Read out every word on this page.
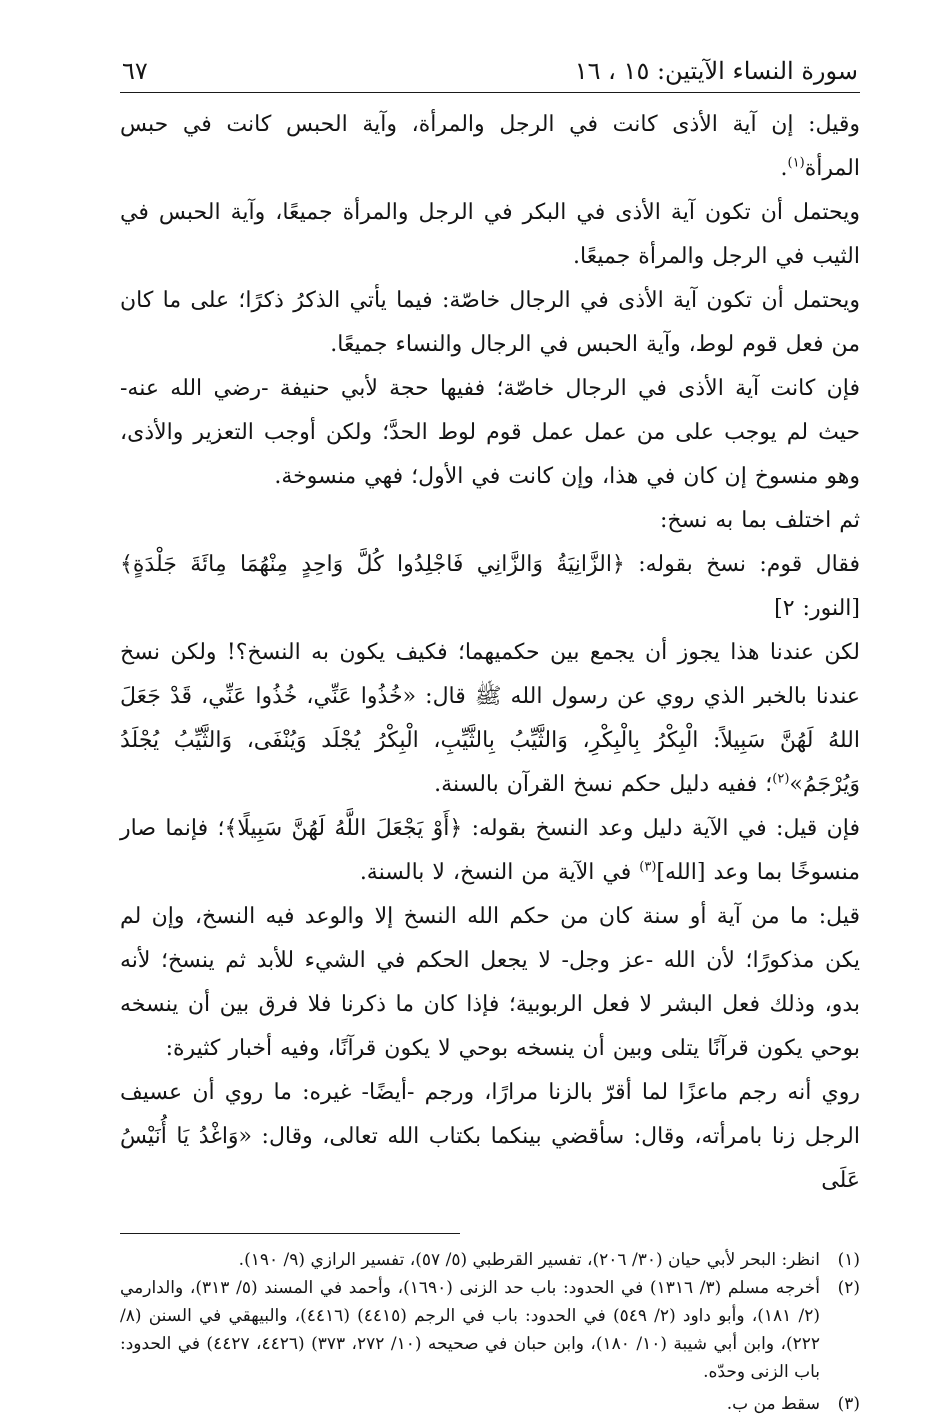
سورة النساء الآيتين: ١٥ ، ١٦
٦٧

وقيل: إن آية الأذى كانت في الرجل والمرأة، وآية الحبس كانت في حبس المرأة$^{(١)}$.

ويحتمل أن تكون آية الأذى في البكر في الرجل والمرأة جميعًا، وآية الحبس في الثيب في الرجل والمرأة جميعًا.

ويحتمل أن تكون آية الأذى في الرجال خاصّة: فيما يأتي الذكرُ ذكرًا؛ على ما كان من فعل قوم لوط، وآية الحبس في الرجال والنساء جميعًا.

فإن كانت آية الأذى في الرجال خاصّة؛ ففيها حجة لأبي حنيفة -رضي الله عنه- حيث لم يوجب على من عمل عمل قوم لوط الحدَّ؛ ولكن أوجب التعزير والأذى، وهو منسوخ إن كان في هذا، وإن كانت في الأول؛ فهي منسوخة.

ثم اختلف بما به نسخ:

فقال قوم: نسخ بقوله: ﴿الزَّانِيَةُ وَالزَّانِي فَاجْلِدُوا كُلَّ وَاحِدٍ مِنْهُمَا مِائَةَ جَلْدَةٍ﴾ [النور: ٢]

لكن عندنا هذا يجوز أن يجمع بين حكميهما؛ فكيف يكون به النسخ؟! ولكن نسخ عندنا بالخبر الذي روي عن رسول الله ﷺ قال: «خُذُوا عَنِّي، خُذُوا عَنِّي، قَدْ جَعَلَ اللهُ لَهُنَّ سَبِيلاً: الْبِكْرُ بِالْبِكْرِ، وَالثَّيِّبُ بِالثَّيِّبِ، الْبِكْرُ يُجْلَد وَيُنْفَى، وَالثَّيِّبُ يُجْلَدُ وَيُرْجَمُ»$^{(٢)}$؛ ففيه دليل حكم نسخ القرآن بالسنة.

فإن قيل: في الآية دليل وعد النسخ بقوله: ﴿أَوْ يَجْعَلَ اللَّهُ لَهُنَّ سَبِيلًا﴾؛ فإنما صار منسوخًا بما وعد [الله]$^{(٣)}$ في الآية من النسخ، لا بالسنة.

قيل: ما من آية أو سنة كان من حكم الله النسخ إلا والوعد فيه النسخ، وإن لم يكن مذكورًا؛ لأن الله -عز وجل- لا يجعل الحكم في الشيء للأبد ثم ينسخ؛ لأنه بدو، وذلك فعل البشر لا فعل الربوبية؛ فإذا كان ما ذكرنا فلا فرق بين أن ينسخه بوحي يكون قرآنًا يتلى وبين أن ينسخه بوحي لا يكون قرآنًا، وفيه أخبار كثيرة:

روي أنه رجم ماعزًا لما أقرّ بالزنا مرارًا، ورجم -أيضًا- غيره: ما روي أن عسيف الرجل زنا بامرأته، وقال: سأقضي بينكما بكتاب الله تعالى، وقال: «وَاغْدُ يَا أُنَيْسُ عَلَى

(١)
انظر: البحر لأبي حيان (٣٠/ ٢٠٦)، تفسير القرطبي (٥/ ٥٧)، تفسير الرازي (٩/ ١٩٠).
(٢)
أخرجه مسلم (٣/ ١٣١٦) في الحدود: باب حد الزنى (١٦٩٠)، وأحمد في المسند (٥/ ٣١٣)، والدارمي (٢/ ١٨١)، وأبو داود (٢/ ٥٤٩) في الحدود: باب في الرجم (٤٤١٥) (٤٤١٦)، والبيهقي في السنن (٨/ ٢٢٢)، وابن أبي شيبة (١٠/ ١٨٠)، وابن حبان في صحيحه (١٠/ ٢٧٢، ٣٧٣) (٤٤٢٦، ٤٤٢٧) في الحدود: باب الزنى وحدّه.
(٣)
سقط من ب.
